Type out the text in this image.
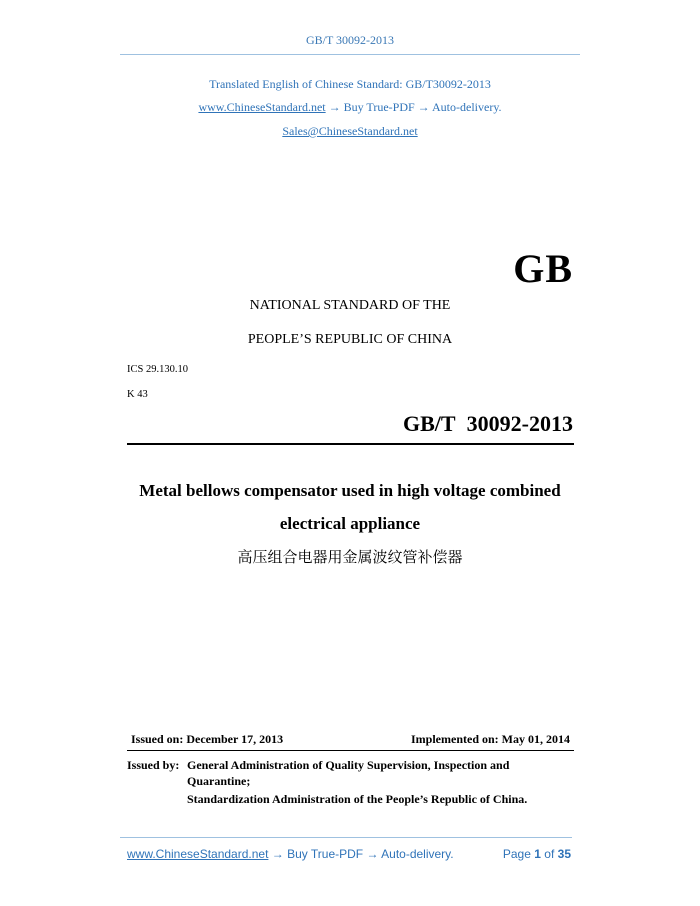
GB/T 30092-2013
Translated English of Chinese Standard: GB/T30092-2013
www.ChineseStandard.net → Buy True-PDF → Auto-delivery.
Sales@ChineseStandard.net
GB
NATIONAL STANDARD OF THE
PEOPLE’S REPUBLIC OF CHINA
ICS 29.130.10
K 43
GB/T 30092-2013
Metal bellows compensator used in high voltage combined
electrical appliance
高压组合电器用金属波纹管补偿器
Issued on: December 17, 2013	Implemented on: May 01, 2014
Issued by: General Administration of Quality Supervision, Inspection and
Quarantine;
Standardization Administration of the People’s Republic of China.
www.ChineseStandard.net → Buy True-PDF → Auto-delivery.	Page 1 of 35
